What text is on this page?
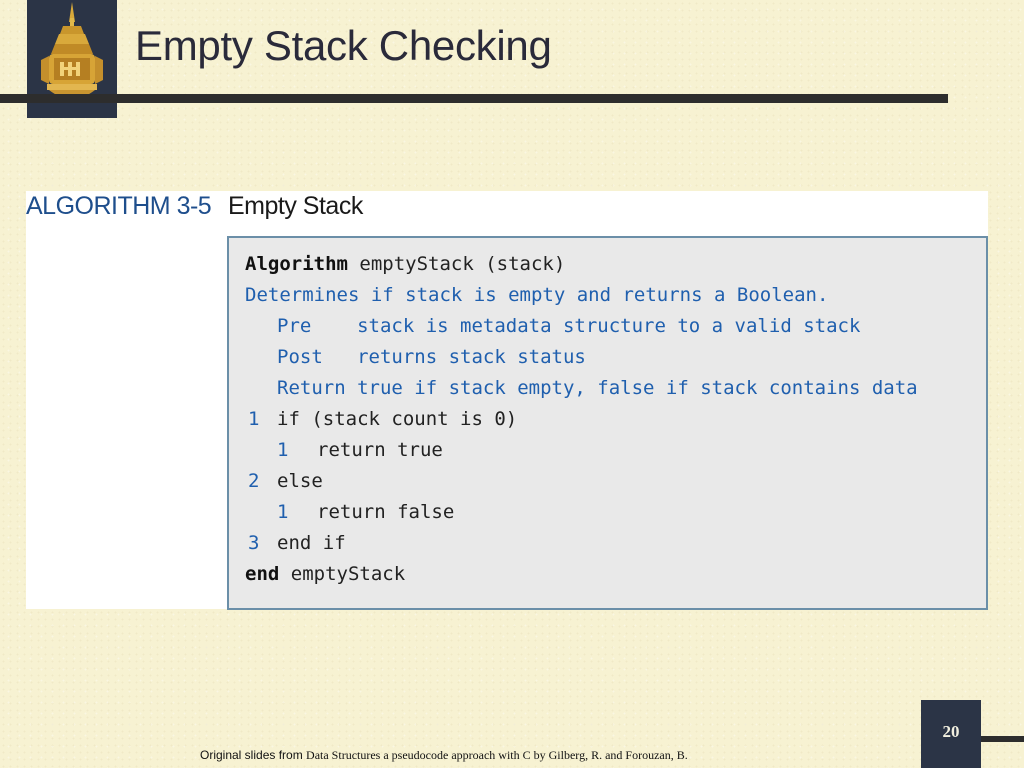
Empty Stack Checking
ALGORITHM 3-5 Empty Stack
Algorithm emptyStack (stack)
Determines if stack is empty and returns a Boolean.
Pre    stack is metadata structure to a valid stack
Post   returns stack status
Return true if stack empty, false if stack contains data
1 if (stack count is 0)
1 return true
2 else
1 return false
3 end if
end emptyStack
Original slides from Data Structures a pseudocode approach with C by Gilberg, R. and Forouzan, B.
20
